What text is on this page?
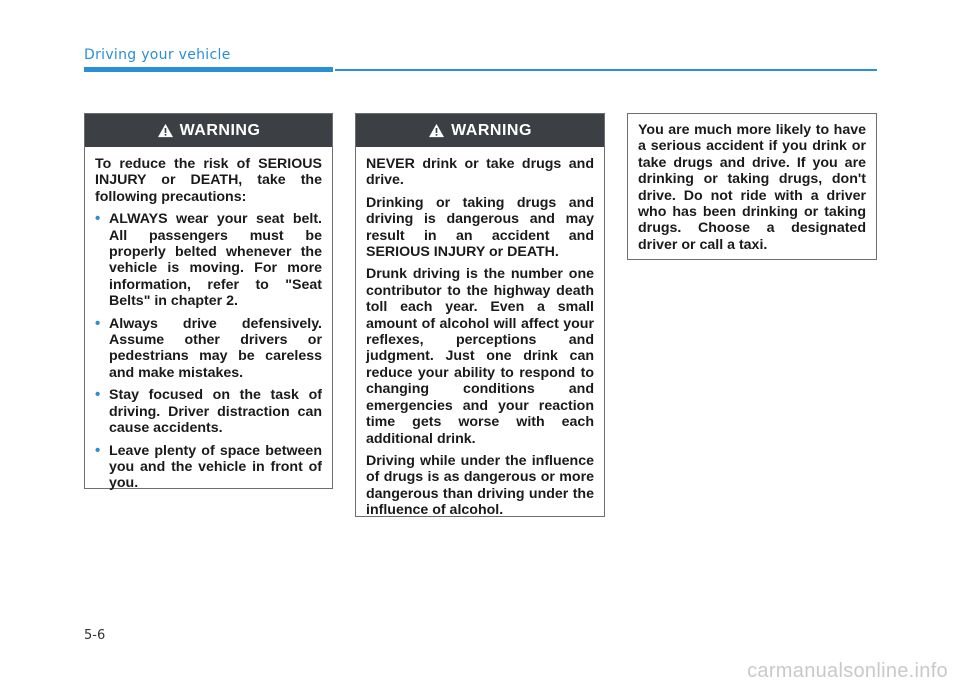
Driving your vehicle
WARNING

To reduce the risk of SERIOUS INJURY or DEATH, take the following precautions:

• ALWAYS wear your seat belt. All passengers must be properly belted whenever the vehicle is moving. For more information, refer to "Seat Belts" in chapter 2.
• Always drive defensively. Assume other drivers or pedestrians may be careless and make mistakes.
• Stay focused on the task of driving. Driver distraction can cause accidents.
• Leave plenty of space between you and the vehicle in front of you.
WARNING

NEVER drink or take drugs and drive.

Drinking or taking drugs and driving is dangerous and may result in an accident and SERIOUS INJURY or DEATH.

Drunk driving is the number one contributor to the highway death toll each year. Even a small amount of alcohol will affect your reflexes, perceptions and judgment. Just one drink can reduce your ability to respond to changing conditions and emergencies and your reaction time gets worse with each additional drink.

Driving while under the influence of drugs is as dangerous or more dangerous than driving under the influence of alcohol.

You are much more likely to have a serious accident if you drink or take drugs and drive. If you are drinking or taking drugs, don't drive. Do not ride with a driver who has been drinking or taking drugs. Choose a designated driver or call a taxi.

5-6
carmanualsonline.info
